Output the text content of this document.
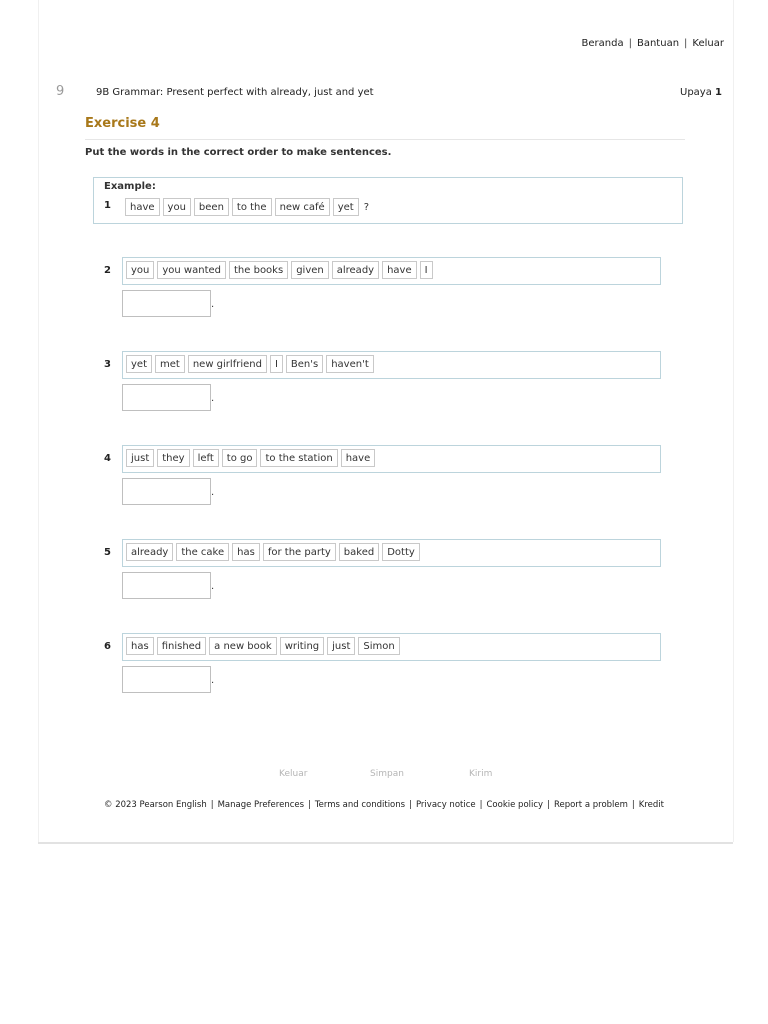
Beranda | Bantuan | Keluar
9	9B Grammar: Present perfect with already, just and yet	Upaya 1
Exercise 4
Put the words in the correct order to make sentences.
Example:
1	have	you	been	to the	new café	yet	?
2	you	you wanted	the books	given	already	have	I
.
3	yet	met	new girlfriend	I	Ben's	haven't
.
4	just	they	left	to go	to the station	have
.
5	already	the cake	has	for the party	baked	Dotty
.
6	has	finished	a new book	writing	just	Simon
.
Keluar	Simpan	Kirim
© 2023 Pearson English | Manage Preferences | Terms and conditions | Privacy notice | Cookie policy | Report a problem | Kredit
